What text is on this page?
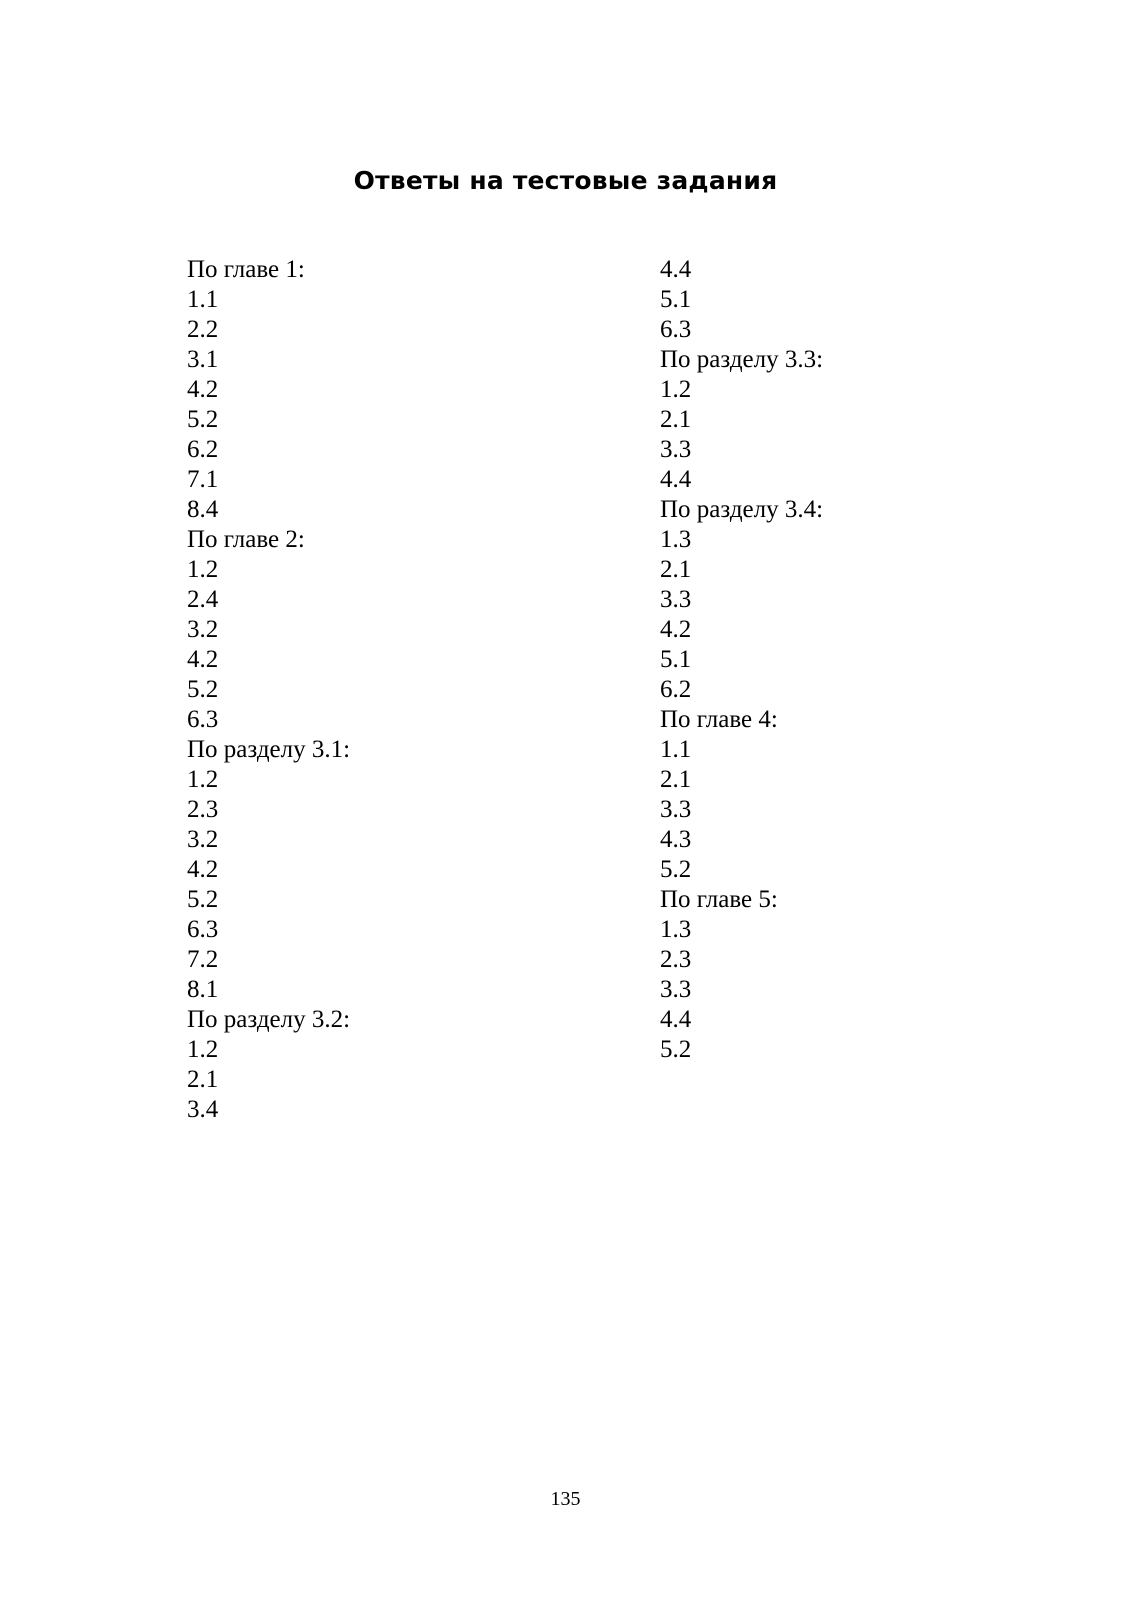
Ответы на тестовые задания
По главе 1:
1.1
2.2
3.1
4.2
5.2
6.2
7.1
8.4
По главе 2:
1.2
2.4
3.2
4.2
5.2
6.3
По разделу 3.1:
1.2
2.3
3.2
4.2
5.2
6.3
7.2
8.1
По разделу 3.2:
1.2
2.1
3.4
4.4
5.1
6.3
По разделу 3.3:
1.2
2.1
3.3
4.4
По разделу 3.4:
1.3
2.1
3.3
4.2
5.1
6.2
По главе 4:
1.1
2.1
3.3
4.3
5.2
По главе 5:
1.3
2.3
3.3
4.4
5.2
135
